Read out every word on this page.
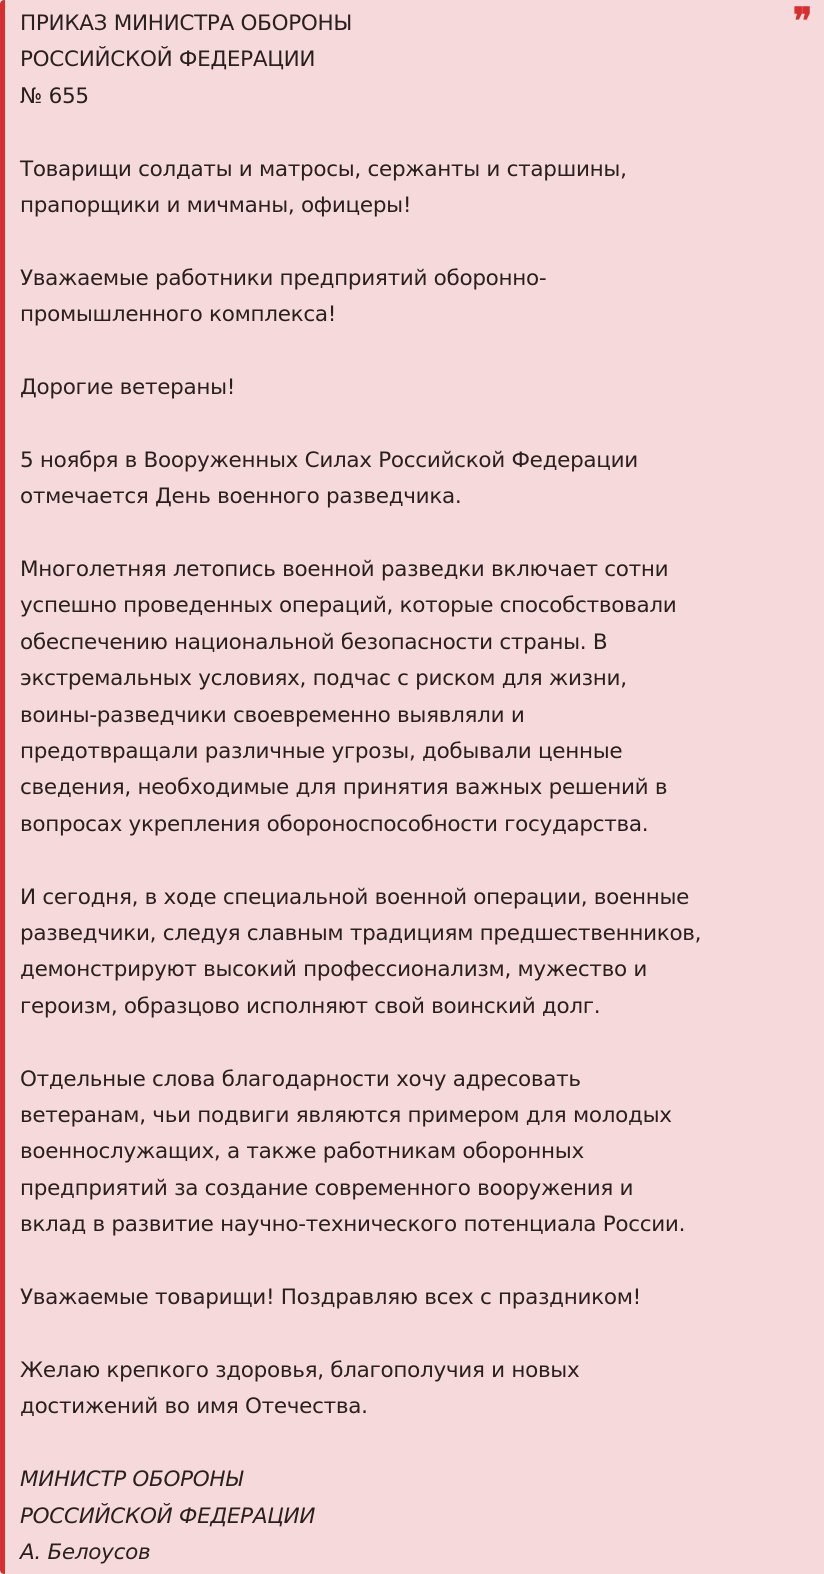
❞
ПРИКАЗ МИНИСТРА ОБОРОНЫ
РОССИЙСКОЙ ФЕДЕРАЦИИ
№ 655
Товарищи солдаты и матросы, сержанты и старшины,
прапорщики и мичманы, офицеры!
Уважаемые работники предприятий оборонно-
промышленного комплекса!
Дорогие ветераны!
5 ноября в Вооруженных Силах Российской Федерации
отмечается День военного разведчика.
Многолетняя летопись военной разведки включает сотни
успешно проведенных операций, которые способствовали
обеспечению национальной безопасности страны. В
экстремальных условиях, подчас с риском для жизни,
воины-разведчики своевременно выявляли и
предотвращали различные угрозы, добывали ценные
сведения, необходимые для принятия важных решений в
вопросах укрепления обороноспособности государства.
И сегодня, в ходе специальной военной операции, военные
разведчики, следуя славным традициям предшественников,
демонстрируют высокий профессионализм, мужество и
героизм, образцово исполняют свой воинский долг.
Отдельные слова благодарности хочу адресовать
ветеранам, чьи подвиги являются примером для молодых
военнослужащих, а также работникам оборонных
предприятий за создание современного вооружения и
вклад в развитие научно-технического потенциала России.
Уважаемые товарищи! Поздравляю всех с праздником!
Желаю крепкого здоровья, благополучия и новых
достижений во имя Отечества.
МИНИСТР ОБОРОНЫ
РОССИЙСКОЙ ФЕДЕРАЦИИ
А. Белоусов
